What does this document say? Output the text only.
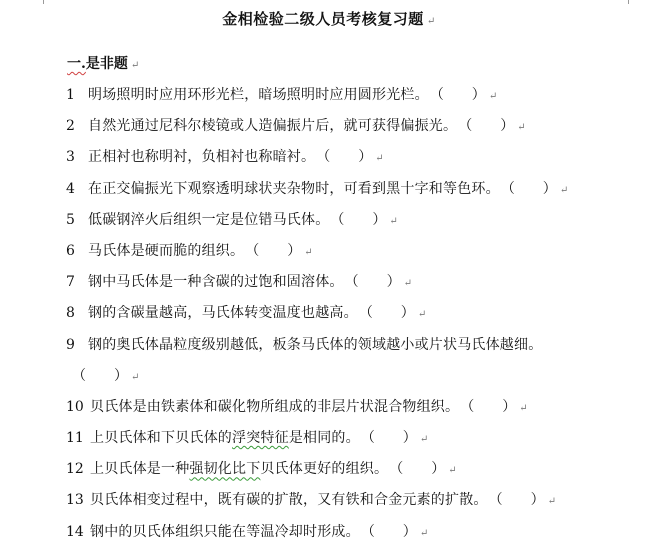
金相检验二级人员考核复习题 ↵
一.是非题 ↵
1 明场照明时应用环形光栏，暗场照明时应用圆形光栏。 （　　） ↵
2 自然光通过尼科尔棱镜或人造偏振片后，就可获得偏振光。 （　　） ↵
3 正相衬也称明衬，负相衬也称暗衬。 （　　） ↵
4 在正交偏振光下观察透明球状夹杂物时，可看到黑十字和等色环。 （　　） ↵
5 低碳钢淬火后组织一定是位错马氏体。 （　　） ↵
6 马氏体是硬而脆的组织。 （　　） ↵
7 钢中马氏体是一种含碳的过饱和固溶体。 （　　） ↵
8 钢的含碳量越高，马氏体转变温度也越高。 （　　） ↵
9 钢的奥氏体晶粒度级别越低，板条马氏体的领域越小或片状马氏体越细。
（　　） ↵
10 贝氏体是由铁素体和碳化物所组成的非层片状混合物组织。 （　　） ↵
11 上贝氏体和下贝氏体的浮突特征是相同的。 （　　） ↵
12 上贝氏体是一种强韧化比下贝氏体更好的组织。 （　　） ↵
13 贝氏体相变过程中，既有碳的扩散，又有铁和合金元素的扩散。 （　　） ↵
14 钢中的贝氏体组织只能在等温冷却时形成。 （　　） ↵
